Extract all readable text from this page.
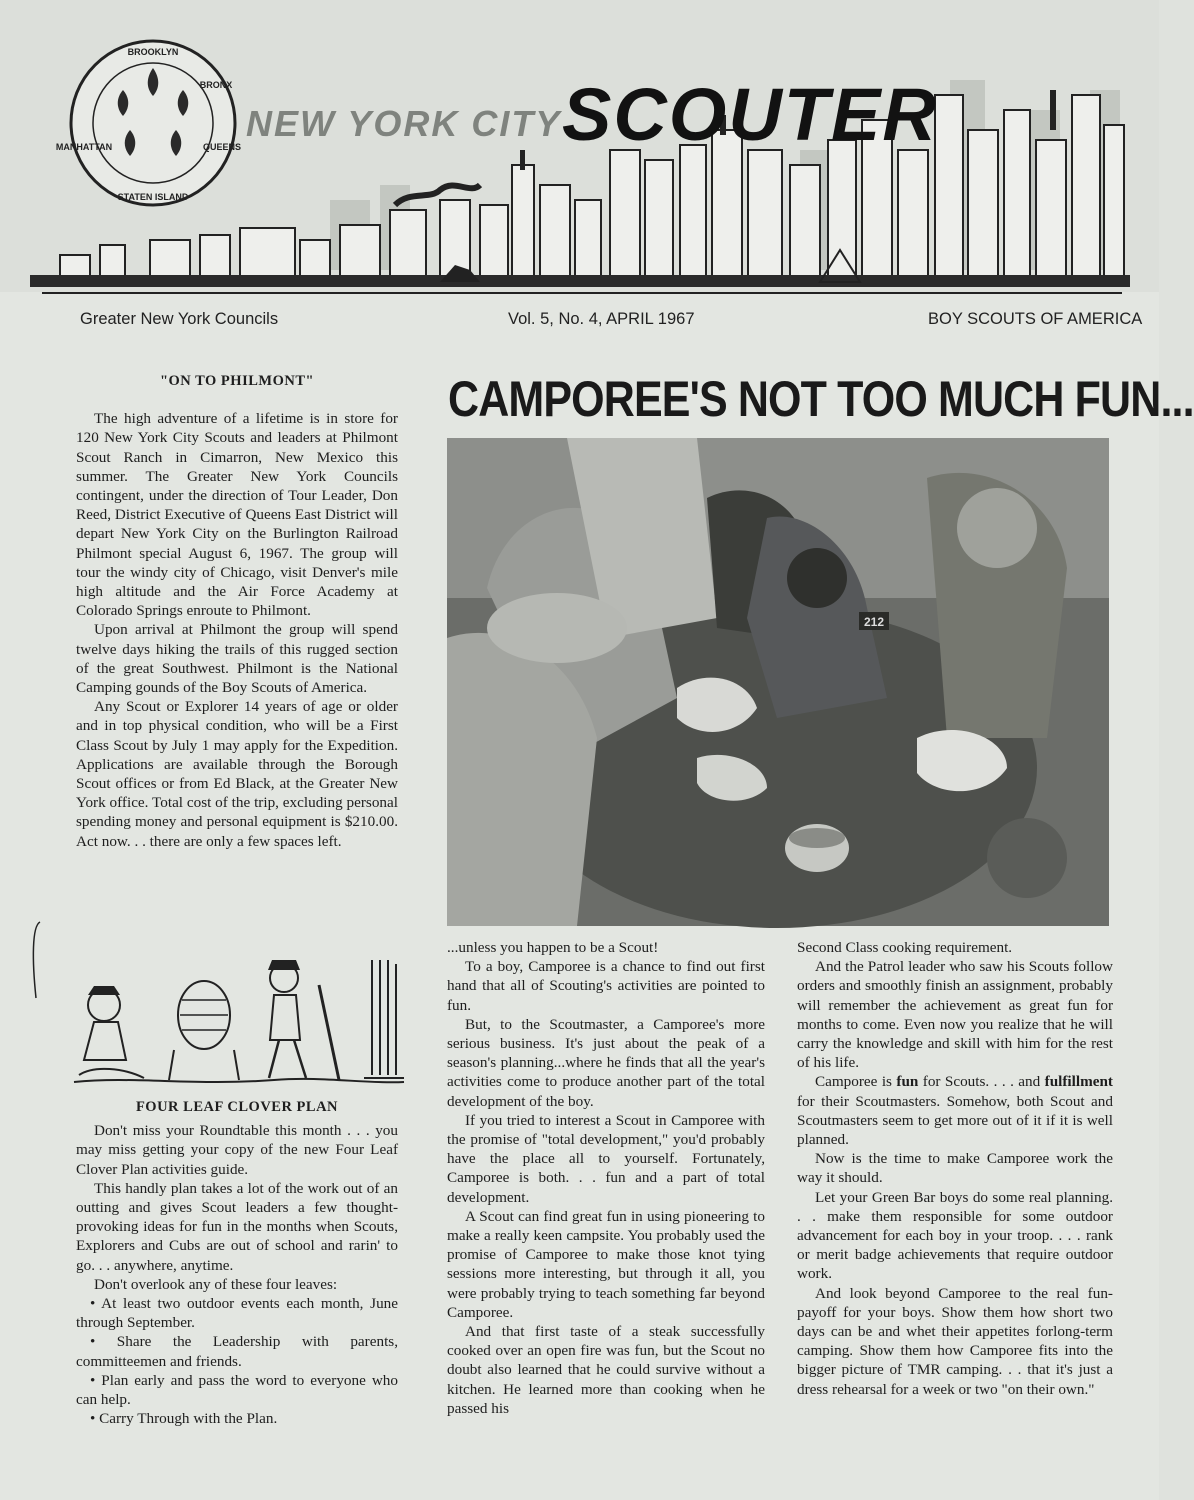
BROOKLYN
BRONX
QUEENS
STATEN ISLAND
MANHATTAN
NEW YORK CITY SCOUTER
Greater New York Councils	Vol. 5, No. 4, APRIL 1967	BOY SCOUTS OF AMERICA
"ON TO PHILMONT"

The high adventure of a lifetime is in store for 120 New York City Scouts and leaders at Philmont Scout Ranch in Cimarron, New Mexico this summer. The Greater New York Councils contingent, under the direction of Tour Leader, Don Reed, District Executive of Queens East District will depart New York City on the Burlington Railroad Philmont special August 6, 1967. The group will tour the windy city of Chicago, visit Denver's mile high altitude and the Air Force Academy at Colorado Springs enroute to Philmont.

Upon arrival at Philmont the group will spend twelve days hiking the trails of this rugged section of the great Southwest. Philmont is the National Camping gounds of the Boy Scouts of America.

Any Scout or Explorer 14 years of age or older and in top physical condition, who will be a First Class Scout by July 1 may apply for the Expedition. Applications are available through the Borough Scout offices or from Ed Black, at the Greater New York office. Total cost of the trip, excluding personal spending money and personal equipment is $210.00. Act now. . . there are only a few spaces left.

FOUR LEAF CLOVER PLAN

Don't miss your Roundtable this month . . . you may miss getting your copy of the new Four Leaf Clover Plan activities guide.

This handly plan takes a lot of the work out of an outting and gives Scout leaders a few thought-provoking ideas for fun in the months when Scouts, Explorers and Cubs are out of school and rarin' to go. . . anywhere, anytime.

Don't overlook any of these four leaves:

• At least two outdoor events each month, June through September.

• Share the Leadership with parents, committeemen and friends.

• Plan early and pass the word to everyone who can help.

• Carry Through with the Plan.

CAMPOREE'S NOT TOO MUCH FUN...
212

...unless you happen to be a Scout!

To a boy, Camporee is a chance to find out first hand that all of Scouting's activities are pointed to fun.

But, to the Scoutmaster, a Camporee's more serious business. It's just about the peak of a season's planning...where he finds that all the year's activities come to produce another part of the total development of the boy.

If you tried to interest a Scout in Camporee with the promise of "total development," you'd probably have the place all to yourself. Fortunately, Camporee is both. . . fun and a part of total development.

A Scout can find great fun in using pioneering to make a really keen campsite. You probably used the promise of Camporee to make those knot tying sessions more interesting, but through it all, you were probably trying to teach something far beyond Camporee.

And that first taste of a steak successfully cooked over an open fire was fun, but the Scout no doubt also learned that he could survive without a kitchen. He learned more than cooking when he passed his

Second Class cooking requirement.

And the Patrol leader who saw his Scouts follow orders and smoothly finish an assignment, probably will remember the achievement as great fun for months to come. Even now you realize that he will carry the knowledge and skill with him for the rest of his life.

Camporee is fun for Scouts. . . . and fulfillment for their Scoutmasters. Somehow, both Scout and Scoutmasters seem to get more out of it if it is well planned.

Now is the time to make Camporee work the way it should.

Let your Green Bar boys do some real planning. . . make them responsible for some outdoor advancement for each boy in your troop. . . . rank or merit badge achievements that require outdoor work.

And look beyond Camporee to the real fun-payoff for your boys. Show them how short two days can be and whet their appetites forlong-term camping. Show them how Camporee fits into the bigger picture of TMR camping. . . that it's just a dress rehearsal for a week or two "on their own."
